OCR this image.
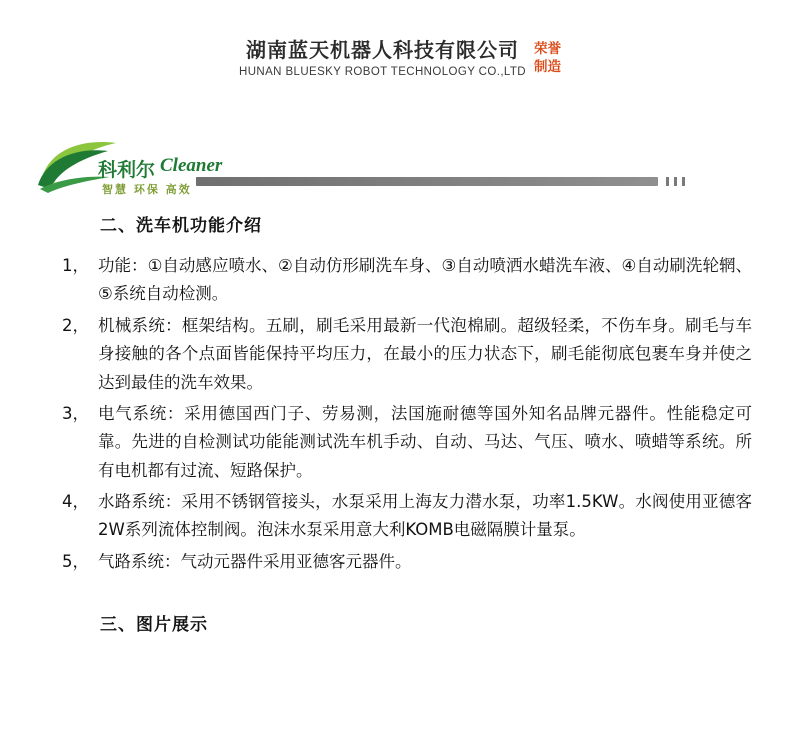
湖南蓝天机器人科技有限公司
HUNAN BLUESKY ROBOT TECHNOLOGY CO.,LTD
荣誉
制造
科利尔 Cleaner
智慧 环保 高效
二、洗车机功能介绍
1， 功能：①自动感应喷水、②自动仿形刷洗车身、③自动喷洒水蜡洗车液、④自动刷洗轮辋、⑤系统自动检测。
2， 机械系统：框架结构。五刷，刷毛采用最新一代泡棉刷。超级轻柔，不伤车身。刷毛与车身接触的各个点面皆能保持平均压力，在最小的压力状态下，刷毛能彻底包裹车身并使之达到最佳的洗车效果。
3， 电气系统：采用德国西门子、劳易测，法国施耐德等国外知名品牌元器件。性能稳定可靠。先进的自检测试功能能测试洗车机手动、自动、马达、气压、喷水、喷蜡等系统。所有电机都有过流、短路保护。
4， 水路系统：采用不锈钢管接头，水泵采用上海友力潜水泵，功率1.5KW。水阀使用亚德客2W系列流体控制阀。泡沫水泵采用意大利KOMB电磁隔膜计量泵。
5， 气路系统：气动元器件采用亚德客元器件。
三、图片展示
